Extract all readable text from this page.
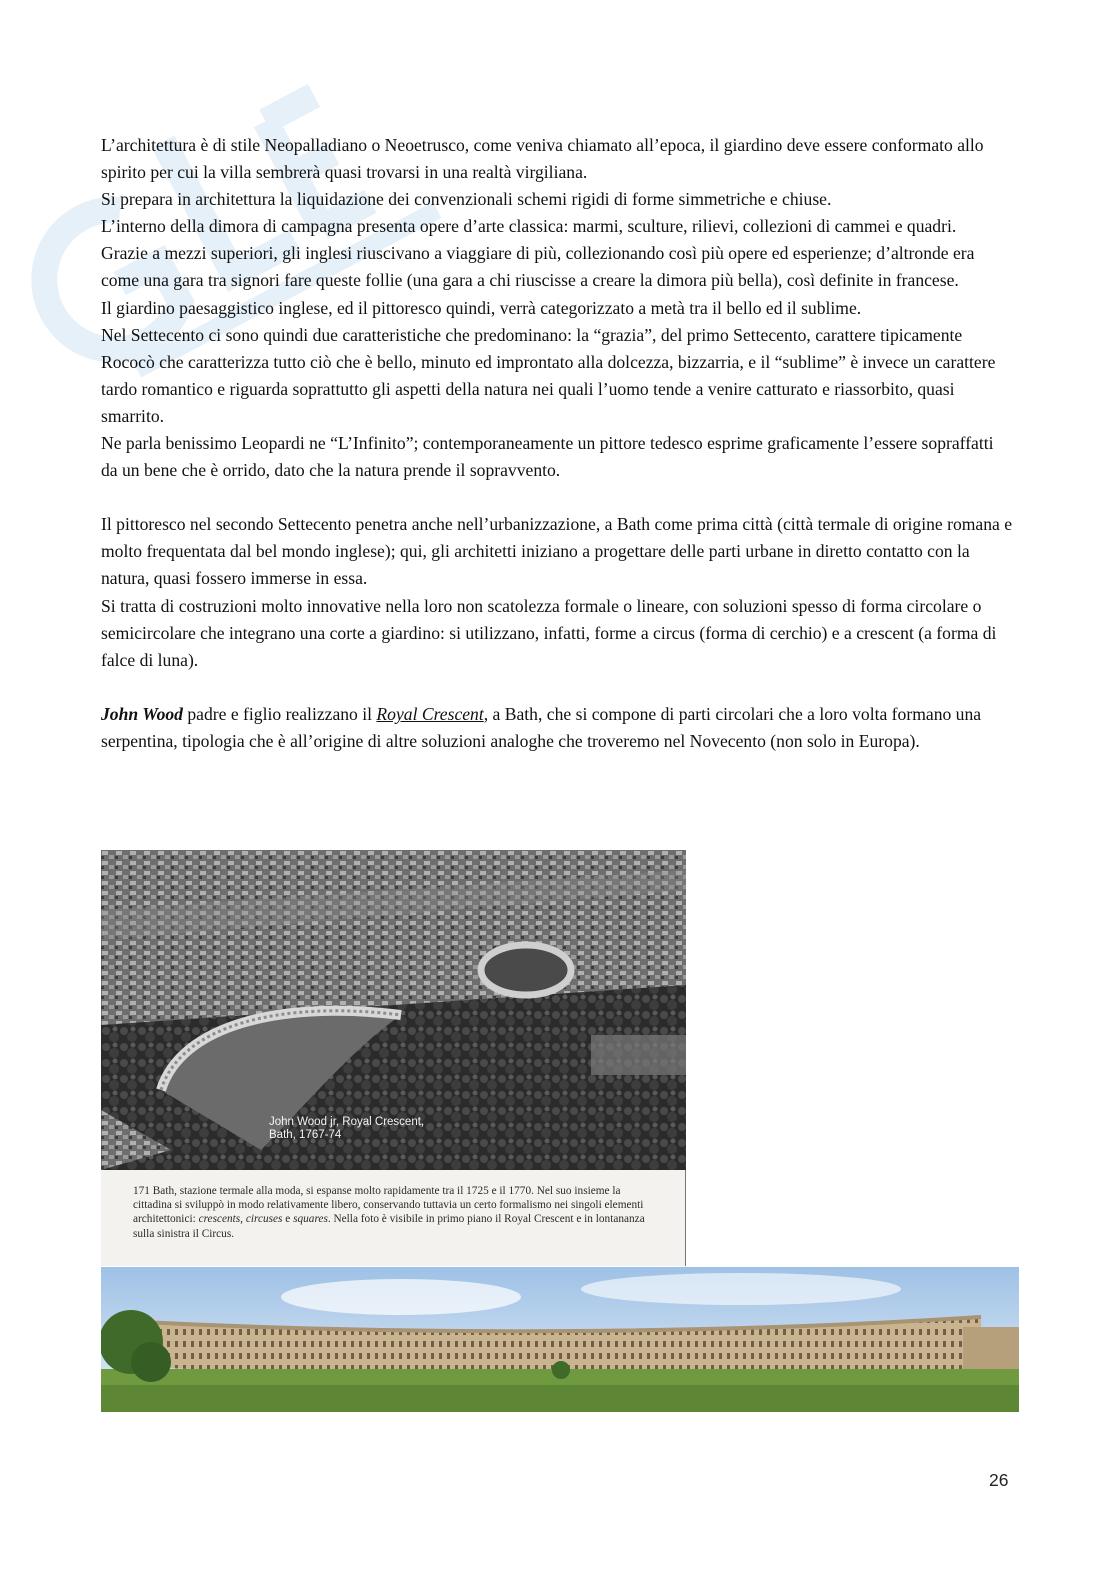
L’architettura è di stile Neopalladiano o Neoetrusco, come veniva chiamato all’epoca, il giardino deve essere conformato allo spirito per cui la villa sembrerà quasi trovarsi in una realtà virgiliana.

Si prepara in architettura la liquidazione dei convenzionali schemi rigidi di forme simmetriche e chiuse.

L’interno della dimora di campagna presenta opere d’arte classica: marmi, sculture, rilievi, collezioni di cammei e quadri.

Grazie a mezzi superiori, gli inglesi riuscivano a viaggiare di più, collezionando così più opere ed esperienze; d’altronde era come una gara tra signori fare queste follie (una gara a chi riuscisse a creare la dimora più bella), così definite in francese.

Il giardino paesaggistico inglese, ed il pittoresco quindi, verrà categorizzato a metà tra il bello ed il sublime.

Nel Settecento ci sono quindi due caratteristiche che predominano: la “grazia”, del primo Settecento, carattere tipicamente Rococò che caratterizza tutto ciò che è bello, minuto ed improntato alla dolcezza, bizzarria, e il “sublime” è invece un carattere tardo romantico e riguarda soprattutto gli aspetti della natura nei quali l’uomo tende a venire catturato e riassorbito, quasi smarrito.

Ne parla benissimo Leopardi ne “L’Infinito”; contemporaneamente un pittore tedesco esprime graficamente l’essere sopraffatti da un bene che è orrido, dato che la natura prende il sopravvento.

Il pittoresco nel secondo Settecento penetra anche nell’urbanizzazione, a Bath come prima città (città termale di origine romana e molto frequentata dal bel mondo inglese); qui, gli architetti iniziano a progettare delle parti urbane in diretto contatto con la natura, quasi fossero immerse in essa.

Si tratta di costruzioni molto innovative nella loro non scatolezza formale o lineare, con soluzioni spesso di forma circolare o semicircolare che integrano una corte a giardino: si utilizzano, infatti, forme a circus (forma di cerchio) e a crescent (a forma di falce di luna).

John Wood padre e figlio realizzano il Royal Crescent, a Bath, che si compone di parti circolari che a loro volta formano una serpentina, tipologia che è all’origine di altre soluzioni analoghe che troveremo nel Novecento (non solo in Europa).

John Wood jr, Royal Crescent,
Bath, 1767-74
171 Bath, stazione termale alla moda, si espanse molto rapidamente tra il 1725 e il 1770. Nel suo insieme la cittadina si sviluppò in modo relativamente libero, conservando tuttavia un certo formalismo nei singoli elementi architettonici: crescents, circuses e squares. Nella foto è visibile in primo piano il Royal Crescent e in lontananza sulla sinistra il Circus.
26
